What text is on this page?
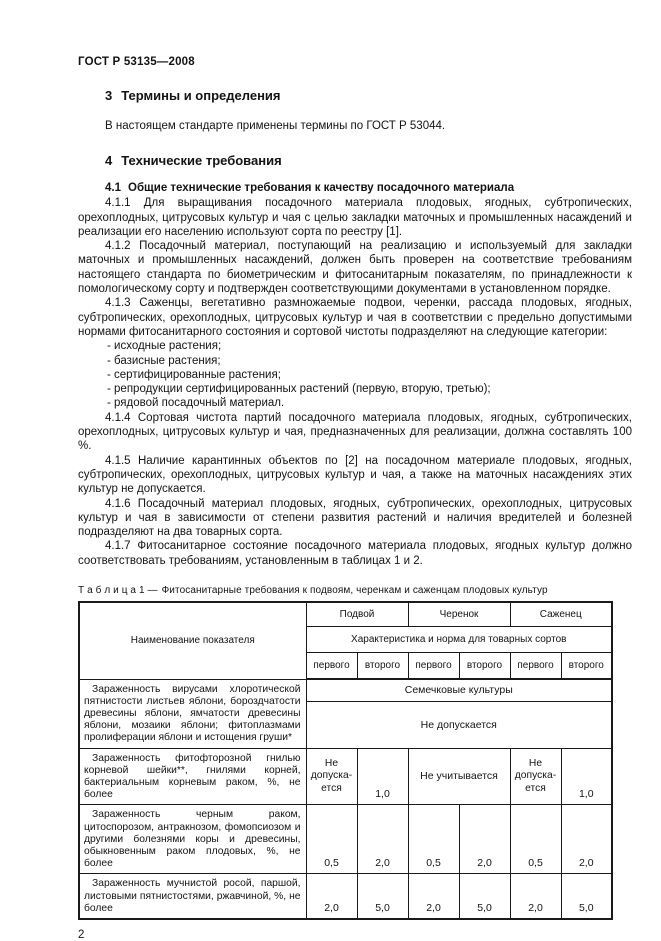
ГОСТ Р 53135—2008
3 Термины и определения

В настоящем стандарте применены термины по ГОСТ Р 53044.

4 Технические требования
4.1 Общие технические требования к качеству посадочного материала

4.1.1 Для выращивания посадочного материала плодовых, ягодных, субтропических, орехоплодных, цитрусовых культур и чая с целью закладки маточных и промышленных насаждений и реализации его населению используют сорта по реестру [1].

4.1.2 Посадочный материал, поступающий на реализацию и используемый для закладки маточных и промышленных насаждений, должен быть проверен на соответствие требованиям настоящего стандарта по биометрическим и фитосанитарным показателям, по принадлежности к помологическому сорту и подтвержден соответствующими документами в установленном порядке.

4.1.3 Саженцы, вегетативно размножаемые подвои, черенки, рассада плодовых, ягодных, субтропических, орехоплодных, цитрусовых культур и чая в соответствии с предельно допустимыми нормами фитосанитарного состояния и сортовой чистоты подразделяют на следующие категории:

- исходные растения;
- базисные растения;
- сертифицированные растения;
- репродукции сертифицированных растений (первую, вторую, третью);
- рядовой посадочный материал.

4.1.4 Сортовая чистота партий посадочного материала плодовых, ягодных, субтропических, орехоплодных, цитрусовых культур и чая, предназначенных для реализации, должна составлять 100 %.

4.1.5 Наличие карантинных объектов по [2] на посадочном материале плодовых, ягодных, субтропических, орехоплодных, цитрусовых культур и чая, а также на маточных насаждениях этих культур не допускается.

4.1.6 Посадочный материал плодовых, ягодных, субтропических, орехоплодных, цитрусовых культур и чая в зависимости от степени развития растений и наличия вредителей и болезней подразделяют на два товарных сорта.

4.1.7 Фитосанитарное состояние посадочного материала плодовых, ягодных культур должно соответствовать требованиям, установленным в таблицах 1 и 2.

Т а б л и ц а 1 — Фитосанитарные требования к подвоям, черенкам и саженцам плодовых культур
Наименование показателя	Подвой		Черенок		Саженец	
	Характеристика и норма для товарных сортов					
	первого	второго	первого	второго	первого	второго
Зараженность вирусами хлоротической пятнистости листьев яблони, бороздчатости древесины яблони, ямчатости древесины яблони, мозаики яблони; фитоплазмами пролиферации яблони и истощения груши*	Семечковые культуры					
	Не допускается					
Зараженность фитофторозной гнилью корневой шейки**, гнилями корней, бактериальным корневым раком, %, не более	Не допуска-ется	1,0	Не учитывается		Не допуска-ется	1,0
Зараженность черным раком, цитоспорозом, антракнозом, фомопсиозом и другими болезнями коры и древесины, обыкновенным раком плодовых, %, не более	0,5	2,0	0,5	2,0	0,5	2,0
Зараженность мучнистой росой, паршой, листовыми пятнистостями, ржавчиной, %, не более	2,0	5,0	2,0	5,0	2,0	5,0
2
